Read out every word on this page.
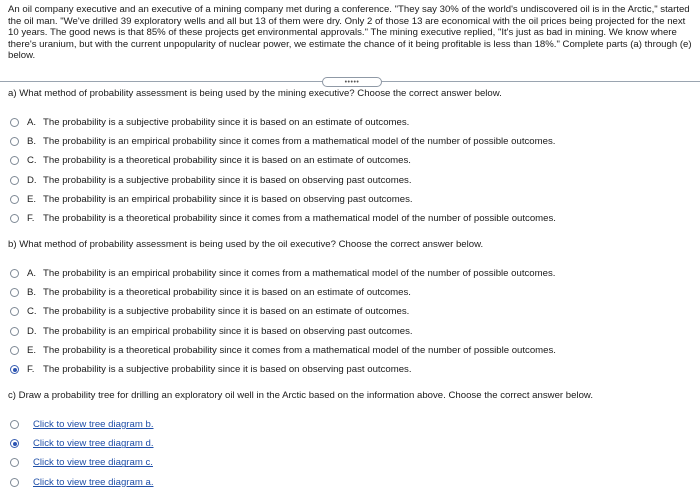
An oil company executive and an executive of a mining company met during a conference. "They say 30% of the world's undiscovered oil is in the Arctic," started the oil man. "We've drilled 39 exploratory wells and all but 13 of them were dry. Only 2 of those 13 are economical with the oil prices being projected for the next 10 years. The good news is that 85% of these projects get environmental approvals." The mining executive replied, "It's just as bad in mining. We know where there's uranium, but with the current unpopularity of nuclear power, we estimate the chance of it being profitable is less than 18%." Complete parts (a) through (e) below.
•••••
a) What method of probability assessment is being used by the mining executive? Choose the correct answer below.
A. The probability is a subjective probability since it is based on an estimate of outcomes.
B. The probability is an empirical probability since it comes from a mathematical model of the number of possible outcomes.
C. The probability is a theoretical probability since it is based on an estimate of outcomes.
D. The probability is a subjective probability since it is based on observing past outcomes.
E. The probability is an empirical probability since it is based on observing past outcomes.
F. The probability is a theoretical probability since it comes from a mathematical model of the number of possible outcomes.
b) What method of probability assessment is being used by the oil executive? Choose the correct answer below.
A. The probability is an empirical probability since it comes from a mathematical model of the number of possible outcomes.
B. The probability is a theoretical probability since it is based on an estimate of outcomes.
C. The probability is a subjective probability since it is based on an estimate of outcomes.
D. The probability is an empirical probability since it is based on observing past outcomes.
E. The probability is a theoretical probability since it comes from a mathematical model of the number of possible outcomes.
F. The probability is a subjective probability since it is based on observing past outcomes.
c) Draw a probability tree for drilling an exploratory oil well in the Arctic based on the information above. Choose the correct answer below.
Click to view tree diagram b.
Click to view tree diagram d.
Click to view tree diagram c.
Click to view tree diagram a.
